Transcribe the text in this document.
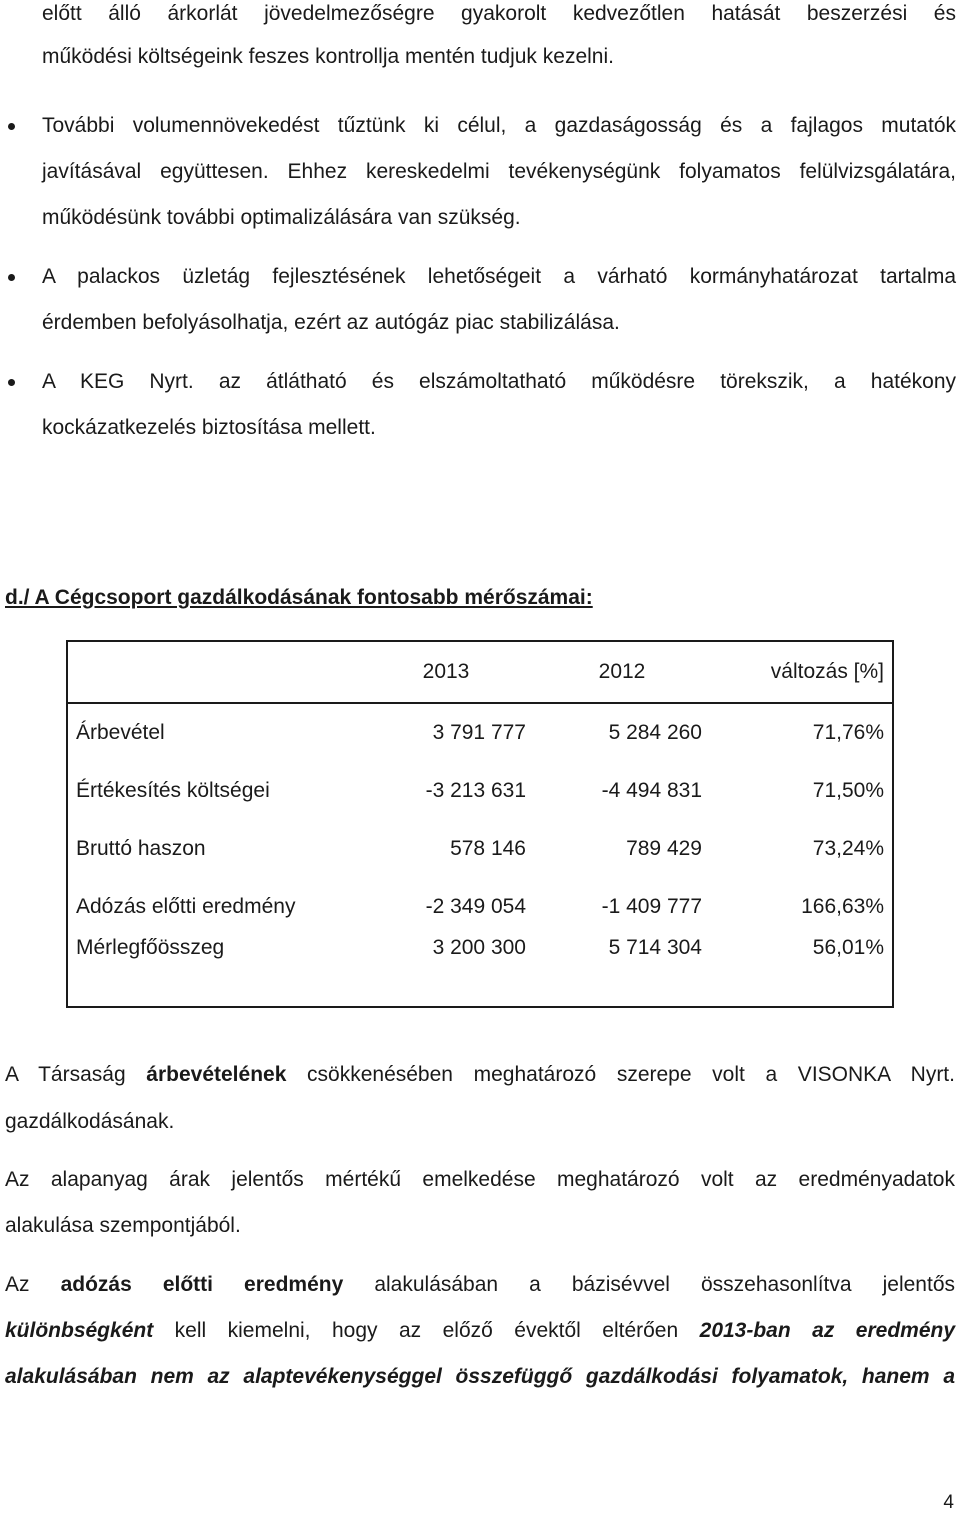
előtt álló árkorlát jövedelmezőségre gyakorolt kedvezőtlen hatását beszerzési és
működési költségeink feszes kontrollja mentén tudjuk kezelni.
További volumennövekedést tűztünk ki célul, a gazdaságosság és a fajlagos mutatók
javításával együttesen. Ehhez kereskedelmi tevékenységünk folyamatos felülvizsgálatára,
működésünk további optimalizálására van szükség.
A palackos üzletág fejlesztésének lehetőségeit a várható kormányhatározat tartalma
érdemben befolyásolhatja, ezért az autógáz piac stabilizálása.
A KEG Nyrt. az átlátható és elszámoltatható működésre törekszik, a hatékony
kockázatkezelés biztosítása mellett.
d./ A Cégcsoport gazdálkodásának fontosabb mérőszámai:
	2013	2012	változás [%]
Árbevétel	3 791 777	5 284 260	71,76%
Értékesítés költségei	-3 213 631	-4 494 831	71,50%
Bruttó haszon	578 146	789 429	73,24%
Adózás előtti eredmény	-2 349 054	-1 409 777	166,63%
Mérlegfőösszeg	3 200 300	5 714 304	56,01%
A Társaság árbevételének csökkenésében meghatározó szerepe volt a VISONKA Nyrt.
gazdálkodásának.
Az alapanyag árak jelentős mértékű emelkedése meghatározó volt az eredményadatok
alakulása szempontjából.
Az adózás előtti eredmény alakulásában a bázisévvel összehasonlítva jelentős
különbségként kell kiemelni, hogy az előző évektől eltérően 2013-ban az eredmény
alakulásában nem az alaptevékenységgel összefüggő gazdálkodási folyamatok, hanem a
4
